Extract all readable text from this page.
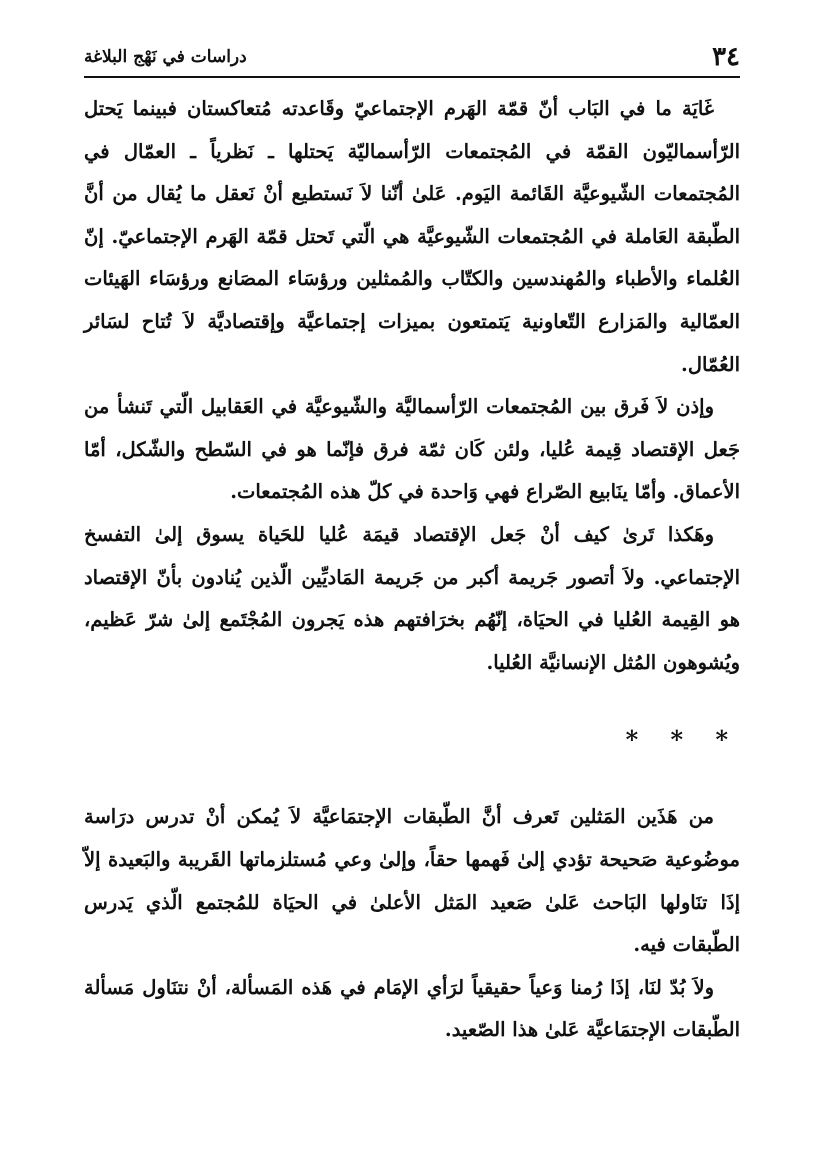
٣٤
دراسات في نَهْج البلاغة

غَايَة ما في البَاب أنّ قمّة الهَرم الإجتماعيّ وقَاعدته مُتعاكستان فبينما يَحتل الرّأسماليّون القمّة في المُجتمعات الرّأسماليّة يَحتلها ـ نَظرياً ـ العمّال في المُجتمعات الشّيوعيَّة القَائمة اليَوم. عَلىٰ أنّنا لاَ نَستطيع أنْ نَعقل ما يُقال من أنَّ الطّبقة العَاملة في المُجتمعات الشّيوعيَّة هي الّتي تَحتل قمّة الهَرم الإجتماعيّ. إنّ العُلماء والأطباء والمُهندسين والكتّاب والمُمثلين ورؤسَاء المصَانع ورؤسَاء الهَيئات العمّالية والمَزارع التّعاونية يَتمتعون بميزات إجتماعيَّة وإقتصاديَّة لاَ تُتاح لسَائر العُمّال.

وإذن لاَ فَرق بين المُجتمعات الرّأسماليَّة والشّيوعيَّة في العَقابيل الّتي تَنشأ من جَعل الإقتصاد قِيمة عُليا، ولئن كَان ثمّة فرق فإنّما هو في السّطح والشّكل، أمّا الأعماق. وأمّا ينَابيع الصّراع فهي وَاحدة في كلّ هذه المُجتمعات.

وهَكذا تَرىٰ كيف أنْ جَعل الإقتصاد قيمَة عُليا للحَياة يسوق إلىٰ التفسخ الإجتماعي. ولاَ أتصور جَريمة أكبر من جَريمة المَاديِّين الّذين يُنادون بأنّ الإقتصاد هو القِيمة العُليا في الحيَاة، إنّهُم بخرَافتهم هذه يَجرون المُجْتَمع إلىٰ شرّ عَظيم، ويُشوهون المُثل الإنسانيَّة العُليا.

* * *

من هَذَين المَثلين تَعرف أنَّ الطّبقات الإجتمَاعيَّة لاَ يُمكن أنْ تدرس درَاسة موضُوعية صَحيحة تؤدي إلىٰ فَهمها حقاً، وإلىٰ وعي مُستلزماتها القَريبة والبَعيدة إلاّ إذَا تنَاولها البَاحث عَلىٰ صَعيد المَثل الأعلىٰ في الحيَاة للمُجتمع الّذي يَدرس الطّبقات فيه.

ولاَ بُدّ لنَا، إذَا رُمنا وَعياً حقيقياً لرَأي الإمَام في هَذه المَسألة، أنْ نتنَاول مَسألة الطّبقات الإجتمَاعيَّة عَلىٰ هذا الصّعيد.
